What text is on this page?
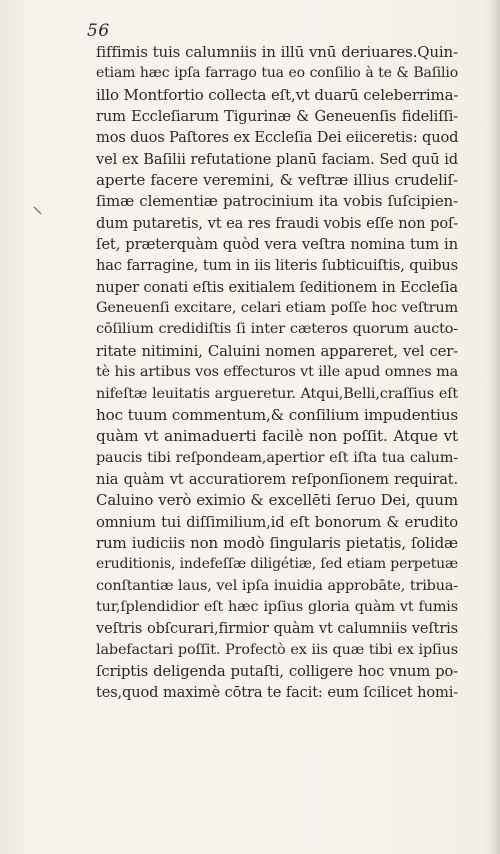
56
fiffimis tuis calumniis in illū vnū deriuares.Quin-
etiam hæc ipſa farrago tua eo conſilio à te & Baſilio
illo Montfortio collecta eſt,vt duarū celeberrima-
rum Eccleſiarum Tigurinæ & Geneuenſis fideliſſi-
mos duos Paſtores ex Eccleſia Dei eiiceretis: quod
vel ex Baſilii refutatione planū faciam. Sed quū id
aperte facere veremini, & veſtræ illius crudeliſ-
ſimæ clementiæ patrocinium ita vobis ſuſcipien-
dum putaretis, vt ea res fraudi vobis eſſe non poſ-
ſet, præterquàm quòd vera veſtra nomina tum in
hac farragine, tum in iis literis ſubticuiſtis, quibus
nuper conati eſtis exitialem ſeditionem in Eccleſia
Geneuenſi excitare, celari etiam poſſe hoc veſtrum
cōſilium credidiſtis ſi inter cæteros quorum aucto-
ritate nitimini, Caluini nomen appareret, vel cer-
tè his artibus vos effecturos vt ille apud omnes ma
nifeſtæ leuitatis argueretur. Atqui,Belli,craſſius eſt
hoc tuum commentum,& conſilium impudentius
quàm vt animaduerti facilè non poſſit. Atque vt
paucis tibi reſpondeam,apertior eſt iſta tua calum-
nia quàm vt accuratiorem reſponſionem requirat.
Caluino verò eximio & excellēti ſeruo Dei, quum
omnium tui diſſimilium,id eſt bonorum & erudito
rum iudiciis non modò ſingularis pietatis, ſolidæ
eruditionis, indefeſſæ diligétiæ, ſed etiam perpetuæ
conſtantiæ laus, vel ipſa inuidia approbāte, tribua-
tur,ſplendidior eſt hæc ipſius gloria quàm vt fumis
veſtris obſcurari,firmior quàm vt calumniis veſtris
labefactari poſſit. Profectò ex iis quæ tibi ex ipſius
ſcriptis deligenda putaſti, colligere hoc vnum po-
tes,quod maximè cōtra te facit: eum ſcilicet homi-
